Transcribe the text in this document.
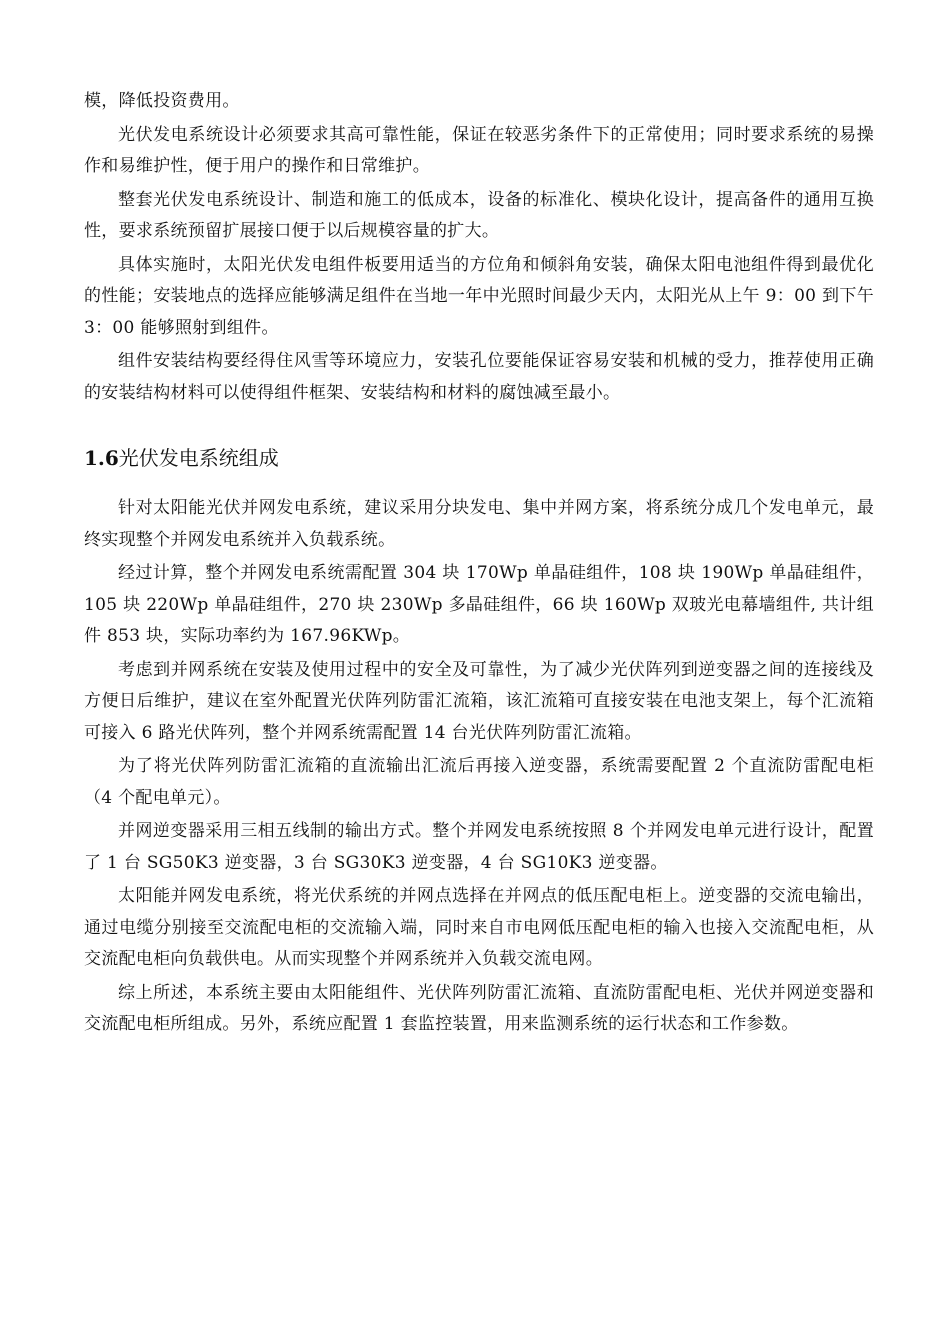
模，降低投资费用。

光伏发电系统设计必须要求其高可靠性能，保证在较恶劣条件下的正常使用；同时要求系统的易操作和易维护性，便于用户的操作和日常维护。

整套光伏发电系统设计、制造和施工的低成本，设备的标准化、模块化设计，提高备件的通用互换性，要求系统预留扩展接口便于以后规模容量的扩大。

具体实施时，太阳光伏发电组件板要用适当的方位角和倾斜角安装，确保太阳电池组件得到最优化的性能；安装地点的选择应能够满足组件在当地一年中光照时间最少天内，太阳光从上午 9：00 到下午 3：00 能够照射到组件。

组件安装结构要经得住风雪等环境应力，安装孔位要能保证容易安装和机械的受力，推荐使用正确的安装结构材料可以使得组件框架、安装结构和材料的腐蚀减至最小。

1.6光伏发电系统组成

针对太阳能光伏并网发电系统，建议采用分块发电、集中并网方案，将系统分成几个发电单元，最终实现整个并网发电系统并入负载系统。

经过计算，整个并网发电系统需配置 304 块 170Wp 单晶硅组件，108 块 190Wp 单晶硅组件，105 块 220Wp 单晶硅组件，270 块 230Wp 多晶硅组件，66 块 160Wp 双玻光电幕墙组件, 共计组件 853 块，实际功率约为 167.96KWp。

考虑到并网系统在安装及使用过程中的安全及可靠性，为了减少光伏阵列到逆变器之间的连接线及方便日后维护，建议在室外配置光伏阵列防雷汇流箱，该汇流箱可直接安装在电池支架上，每个汇流箱可接入 6 路光伏阵列，整个并网系统需配置 14 台光伏阵列防雷汇流箱。

为了将光伏阵列防雷汇流箱的直流输出汇流后再接入逆变器，系统需要配置 2 个直流防雷配电柜（4 个配电单元）。

并网逆变器采用三相五线制的输出方式。整个并网发电系统按照 8 个并网发电单元进行设计，配置了 1 台 SG50K3 逆变器，3 台 SG30K3 逆变器，4 台 SG10K3 逆变器。

太阳能并网发电系统，将光伏系统的并网点选择在并网点的低压配电柜上。逆变器的交流电输出，通过电缆分别接至交流配电柜的交流输入端，同时来自市电网低压配电柜的输入也接入交流配电柜，从交流配电柜向负载供电。从而实现整个并网系统并入负载交流电网。

综上所述，本系统主要由太阳能组件、光伏阵列防雷汇流箱、直流防雷配电柜、光伏并网逆变器和交流配电柜所组成。另外，系统应配置 1 套监控装置，用来监测系统的运行状态和工作参数。
